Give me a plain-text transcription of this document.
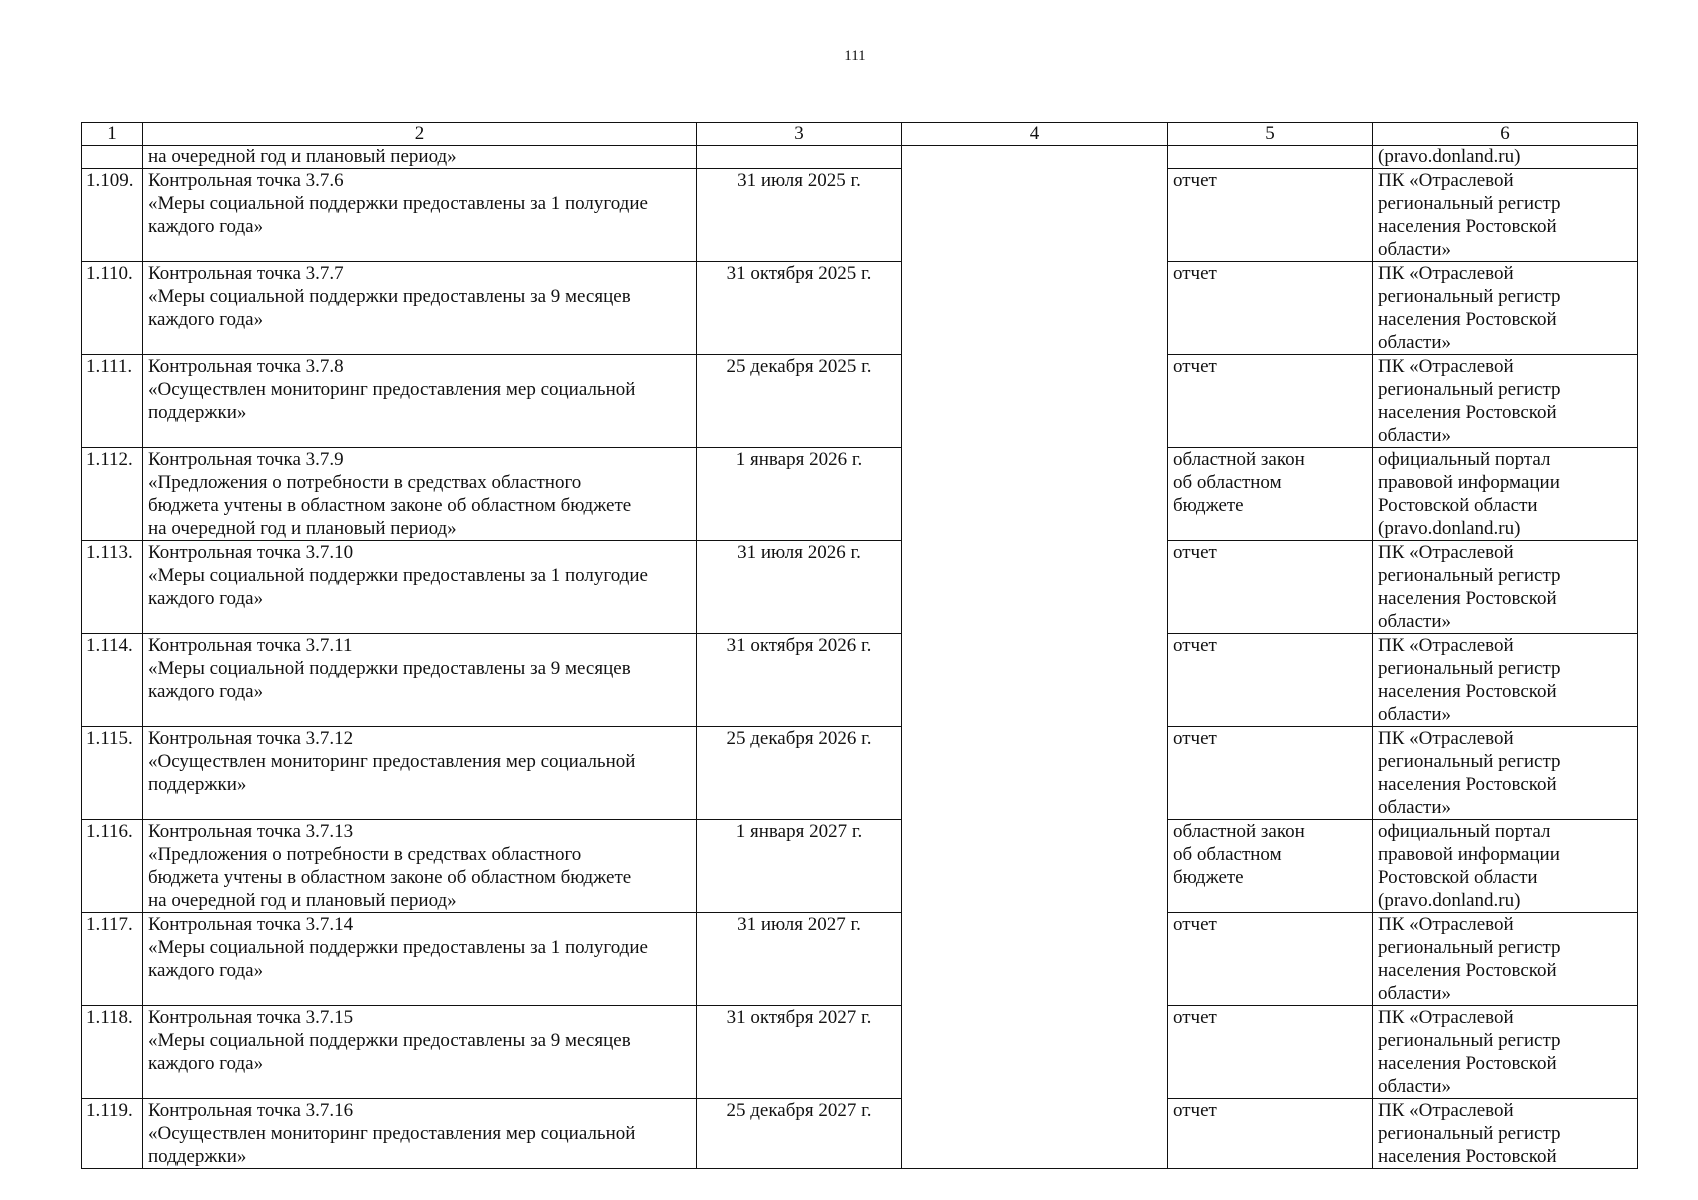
111
1	2	3	4	5	6
	на очередной год и плановый период»				(pravo.donland.ru)
1.109.	Контрольная точка 3.7.6
«Меры социальной поддержки предоставлены за 1 полугодие
каждого года»	31 июля 2025 г.		отчет	ПК «Отраслевой
региональный регистр
населения Ростовской
области»

1.110.	Контрольная точка 3.7.7
«Меры социальной поддержки предоставлены за 9 месяцев
каждого года»	31 октября 2025 г.		отчет	ПК «Отраслевой
региональный регистр
населения Ростовской
области»

1.111.	Контрольная точка 3.7.8
«Осуществлен мониторинг предоставления мер социальной
поддержки»	25 декабря 2025 г.		отчет	ПК «Отраслевой
региональный регистр
населения Ростовской
области»

1.112.	Контрольная точка 3.7.9
«Предложения о потребности в средствах областного
бюджета учтены в областном законе об областном бюджете
на очередной год и плановый период»	1 января 2026 г.		областной закон
об областном
бюджете	официальный портал
правовой информации
Ростовской области
(pravo.donland.ru)

1.113.	Контрольная точка 3.7.10
«Меры социальной поддержки предоставлены за 1 полугодие
каждого года»	31 июля 2026 г.		отчет	ПК «Отраслевой
региональный регистр
населения Ростовской
области»

1.114.	Контрольная точка 3.7.11
«Меры социальной поддержки предоставлены за 9 месяцев
каждого года»	31 октября 2026 г.		отчет	ПК «Отраслевой
региональный регистр
населения Ростовской
области»

1.115.	Контрольная точка 3.7.12
«Осуществлен мониторинг предоставления мер социальной
поддержки»	25 декабря 2026 г.		отчет	ПК «Отраслевой
региональный регистр
населения Ростовской
области»

1.116.	Контрольная точка 3.7.13
«Предложения о потребности в средствах областного
бюджета учтены в областном законе об областном бюджете
на очередной год и плановый период»	1 января 2027 г.		областной закон
об областном
бюджете	официальный портал
правовой информации
Ростовской области
(pravo.donland.ru)

1.117.	Контрольная точка 3.7.14
«Меры социальной поддержки предоставлены за 1 полугодие
каждого года»	31 июля 2027 г.		отчет	ПК «Отраслевой
региональный регистр
населения Ростовской
области»

1.118.	Контрольная точка 3.7.15
«Меры социальной поддержки предоставлены за 9 месяцев
каждого года»	31 октября 2027 г.		отчет	ПК «Отраслевой
региональный регистр
населения Ростовской
области»

1.119.	Контрольная точка 3.7.16
«Осуществлен мониторинг предоставления мер социальной
поддержки»	25 декабря 2027 г.		отчет	ПК «Отраслевой
региональный регистр
населения Ростовской
